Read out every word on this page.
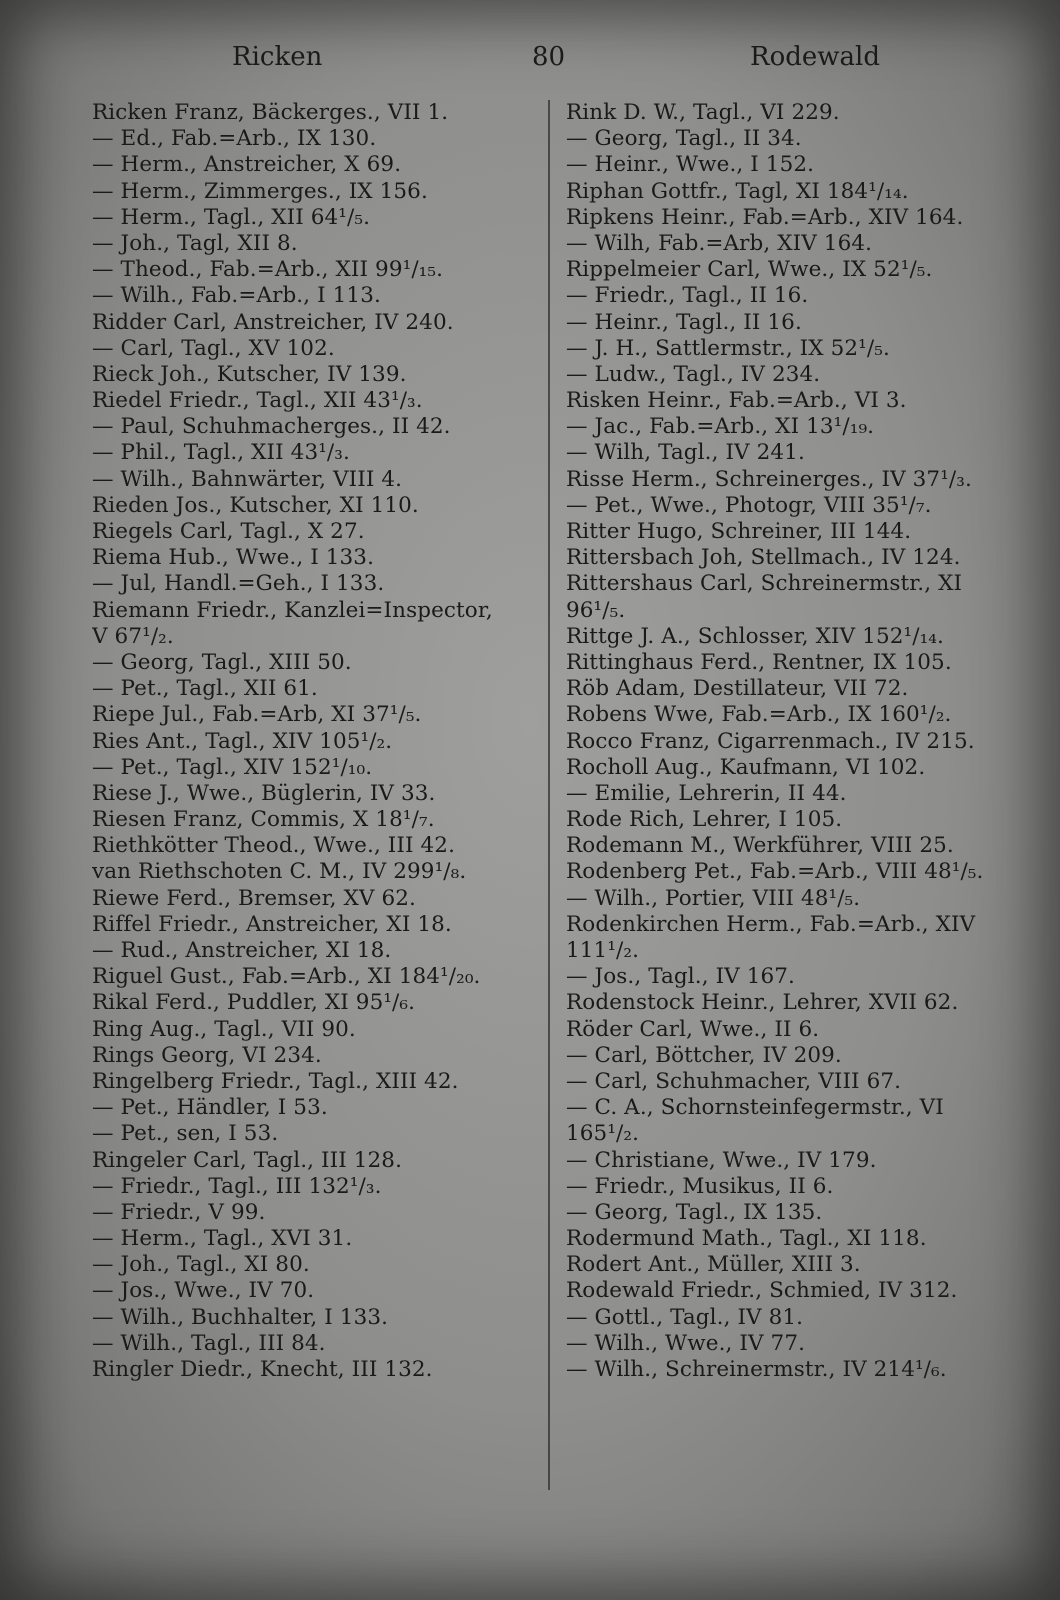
Ricken	80	Rodewald
Ricken Franz, Bäckerges., VII 1.
— Ed., Fab.=Arb., IX 130.
— Herm., Anstreicher, X 69.
— Herm., Zimmerges., IX 156.
— Herm., Tagl., XII 64¹/₅.
— Joh., Tagl, XII 8.
— Theod., Fab.=Arb., XII 99¹/₁₅.
— Wilh., Fab.=Arb., I 113.
Ridder Carl, Anstreicher, IV 240.
— Carl, Tagl., XV 102.
Rieck Joh., Kutscher, IV 139.
Riedel Friedr., Tagl., XII 43¹/₃.
— Paul, Schuhmacherges., II 42.
— Phil., Tagl., XII 43¹/₃.
— Wilh., Bahnwärter, VIII 4.
Rieden Jos., Kutscher, XI 110.
Riegels Carl, Tagl., X 27.
Riema Hub., Wwe., I 133.
— Jul, Handl.=Geh., I 133.
Riemann Friedr., Kanzlei=Inspector,
V 67¹/₂.
— Georg, Tagl., XIII 50.
— Pet., Tagl., XII 61.
Riepe Jul., Fab.=Arb, XI 37¹/₅.
Ries Ant., Tagl., XIV 105¹/₂.
— Pet., Tagl., XIV 152¹/₁₀.
Riese J., Wwe., Büglerin, IV 33.
Riesen Franz, Commis, X 18¹/₇.
Riethkötter Theod., Wwe., III 42.
van Riethschoten C. M., IV 299¹/₈.
Riewe Ferd., Bremser, XV 62.
Riffel Friedr., Anstreicher, XI 18.
— Rud., Anstreicher, XI 18.
Riguel Gust., Fab.=Arb., XI 184¹/₂₀.
Rikal Ferd., Puddler, XI 95¹/₆.
Ring Aug., Tagl., VII 90.
Rings Georg, VI 234.
Ringelberg Friedr., Tagl., XIII 42.
— Pet., Händler, I 53.
— Pet., sen, I 53.
Ringeler Carl, Tagl., III 128.
— Friedr., Tagl., III 132¹/₃.
— Friedr., V 99.
— Herm., Tagl., XVI 31.
— Joh., Tagl., XI 80.
— Jos., Wwe., IV 70.
— Wilh., Buchhalter, I 133.
— Wilh., Tagl., III 84.
Ringler Diedr., Knecht, III 132.
Rink D. W., Tagl., VI 229.
— Georg, Tagl., II 34.
— Heinr., Wwe., I 152.
Riphan Gottfr., Tagl, XI 184¹/₁₄.
Ripkens Heinr., Fab.=Arb., XIV 164.
— Wilh, Fab.=Arb, XIV 164.
Rippelmeier Carl, Wwe., IX 52¹/₅.
— Friedr., Tagl., II 16.
— Heinr., Tagl., II 16.
— J. H., Sattlermstr., IX 52¹/₅.
— Ludw., Tagl., IV 234.
Risken Heinr., Fab.=Arb., VI 3.
— Jac., Fab.=Arb., XI 13¹/₁₉.
— Wilh, Tagl., IV 241.
Risse Herm., Schreinerges., IV 37¹/₃.
— Pet., Wwe., Photogr, VIII 35¹/₇.
Ritter Hugo, Schreiner, III 144.
Rittersbach Joh, Stellmach., IV 124.
Rittershaus Carl, Schreinermstr., XI
96¹/₅.
Rittge J. A., Schlosser, XIV 152¹/₁₄.
Rittinghaus Ferd., Rentner, IX 105.
Röb Adam, Destillateur, VII 72.
Robens Wwe, Fab.=Arb., IX 160¹/₂.
Rocco Franz, Cigarrenmach., IV 215.
Rocholl Aug., Kaufmann, VI 102.
— Emilie, Lehrerin, II 44.
Rode Rich, Lehrer, I 105.
Rodemann M., Werkführer, VIII 25.
Rodenberg Pet., Fab.=Arb., VIII 48¹/₅.
— Wilh., Portier, VIII 48¹/₅.
Rodenkirchen Herm., Fab.=Arb., XIV
111¹/₂.
— Jos., Tagl., IV 167.
Rodenstock Heinr., Lehrer, XVII 62.
Röder Carl, Wwe., II 6.
— Carl, Böttcher, IV 209.
— Carl, Schuhmacher, VIII 67.
— C. A., Schornsteinfegermstr., VI
165¹/₂.
— Christiane, Wwe., IV 179.
— Friedr., Musikus, II 6.
— Georg, Tagl., IX 135.
Rodermund Math., Tagl., XI 118.
Rodert Ant., Müller, XIII 3.
Rodewald Friedr., Schmied, IV 312.
— Gottl., Tagl., IV 81.
— Wilh., Wwe., IV 77.
— Wilh., Schreinermstr., IV 214¹/₆.
